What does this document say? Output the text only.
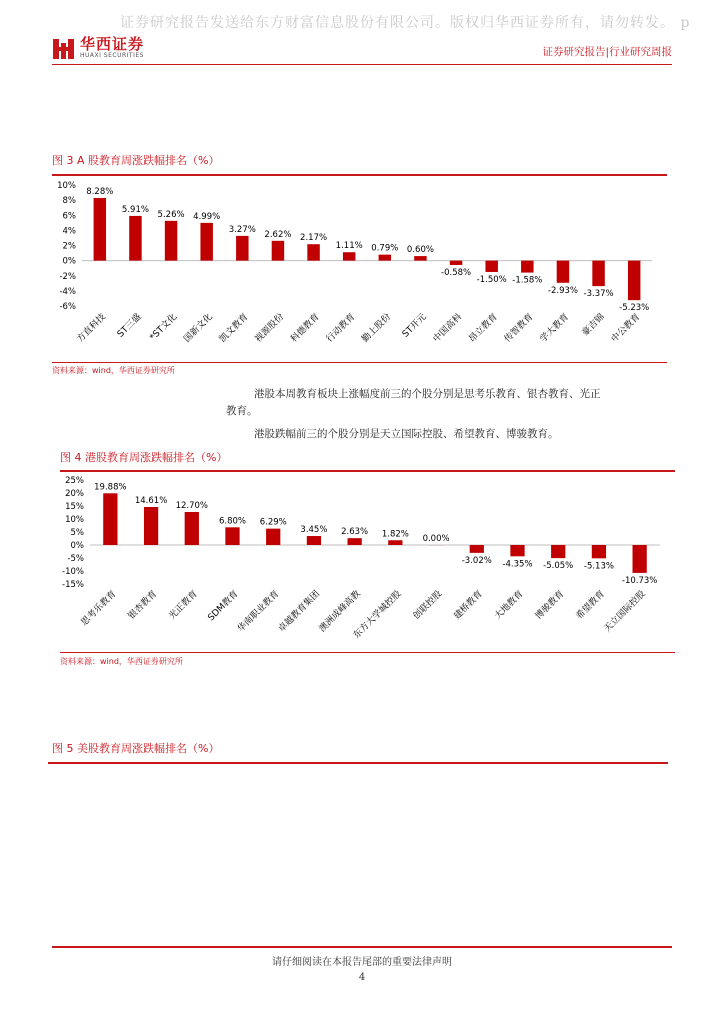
证券研究报告发送给东方财富信息股份有限公司。版权归华西证券所有，请勿转发。 p
华西证券
HUAXI SECURITIES	证券研究报告|行业研究周报
图 3 A 股教育周涨跌幅排名（%）
10%
8%
6%
4%
2%
0%
-2%
-4%
-6%
8.28%
方直科技
5.91%
ST三盛
5.26%
*ST文化
4.99%
国新文化
3.27%
凯文教育
2.62%
视源股份
2.17%
科德教育
1.11%
行动教育
0.79%
勤上股份
0.60%
ST开元
-0.58%
中国高科
-1.50%
昂立教育
-1.58%
传智教育
-2.93%
学大教育
-3.37%
豪吉锦
-5.23%
中公教育
资料来源：wind，华西证券研究所
港股本周教育板块上涨幅度前三的个股分别是思考乐教育、银杏教育、光正
教育。
港股跌幅前三的个股分别是天立国际控股、希望教育、博骏教育。
图 4 港股教育周涨跌幅排名（%）
25%
20%
15%
10%
5%
0%
-5%
-10%
-15%
19.88%
思考乐教育
14.61%
银杏教育
12.70%
光正教育
6.80%
SDM教育
6.29%
华南职业教育
3.45%
卓越教育集团
2.63%
澳洲成峰高教
1.82%
东方大学城控股
0.00%
创联控股
-3.02%
建桥教育
-4.35%
大地教育
-5.05%
博骏教育
-5.13%
希望教育
-10.73%
天立国际控股
资料来源：wind，华西证券研究所
图 5 美股教育周涨跌幅排名（%）
请仔细阅读在本报告尾部的重要法律声明
4
